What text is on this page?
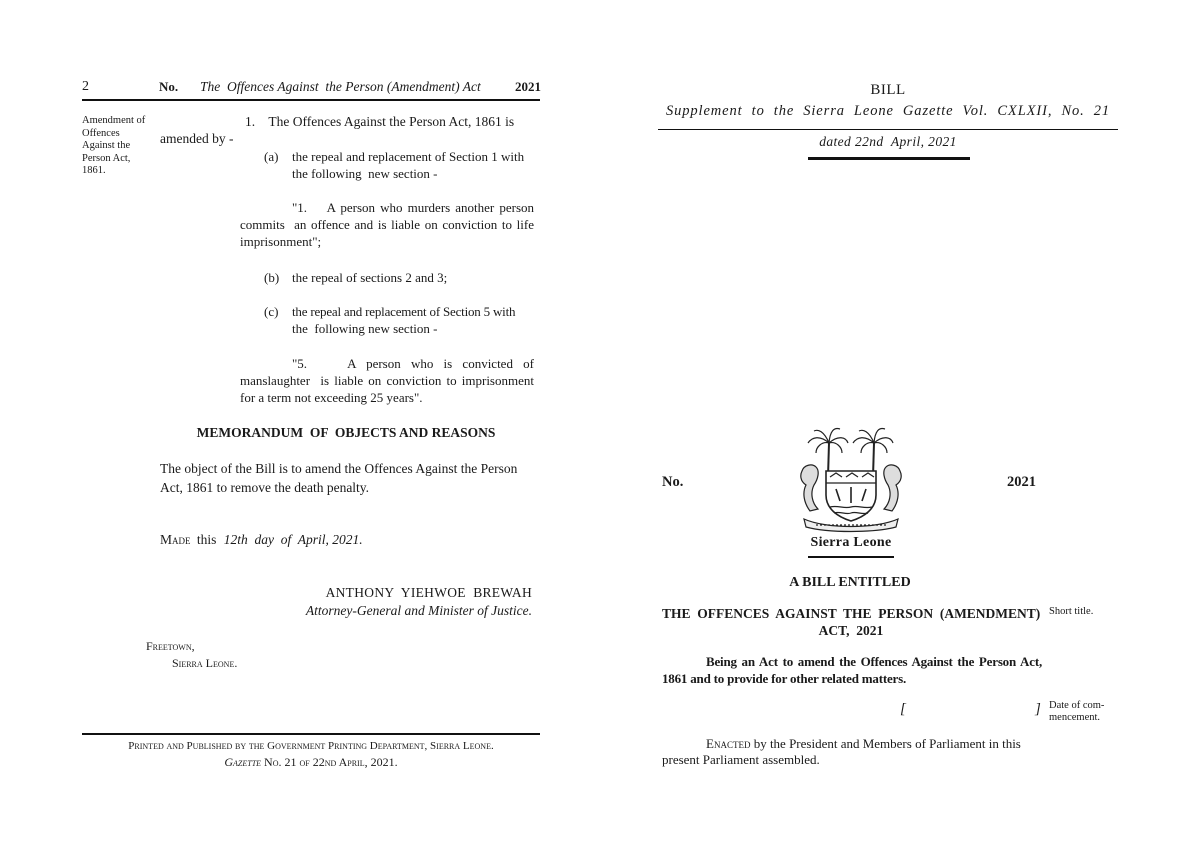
2	No. The  Offences Against  the Person (Amendment) Act	2021
Amendment of Offences Against the Person Act, 1861.
1.    The Offences Against the Person Act, 1861 is
amended by -
(a) the repeal and replacement of Section 1 with
the following  new section -
"1.    A person who murders another person commits  an offence and is liable on conviction to life imprisonment";
(b) the repeal of sections 2 and 3;
(c) the repeal and replacement of Section 5 with
the  following new section -
"5.    A person who is convicted of manslaughter  is liable on conviction to imprisonment for a term not exceeding 25 years".
MEMORANDUM  OF  OBJECTS AND REASONS
The object of the Bill is to amend the Offences Against the Person Act, 1861 to remove the death penalty.
Made this 12th  day  of  April, 2021.
ANTHONY  YIEHWOE  BREWAH
Attorney-General and Minister of Justice.
Freetown,
Sierra Leone.
Printed and Published by the Government Printing Department, Sierra Leone.
Gazette No. 21 of 22nd April, 2021.
BILL
Supplement  to  the  Sierra  Leone  Gazette  Vol.  CXLXII,  No.  21
dated 22nd  April, 2021
No.	2021
Sierra Leone
A BILL ENTITLED
THE  OFFENCES  AGAINST  THE  PERSON  (AMENDMENT)
ACT,  2021
Short title.
Being an Act to amend the Offences Against the Person Act, 1861 and to provide for other related matters.
[	] Date of com-
mencement.
Enacted by the President and Members of Parliament in this present Parliament assembled.
